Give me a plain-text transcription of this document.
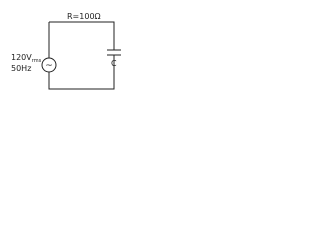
~
R=100Ω
$120V_{rms}$
50Hz
C
